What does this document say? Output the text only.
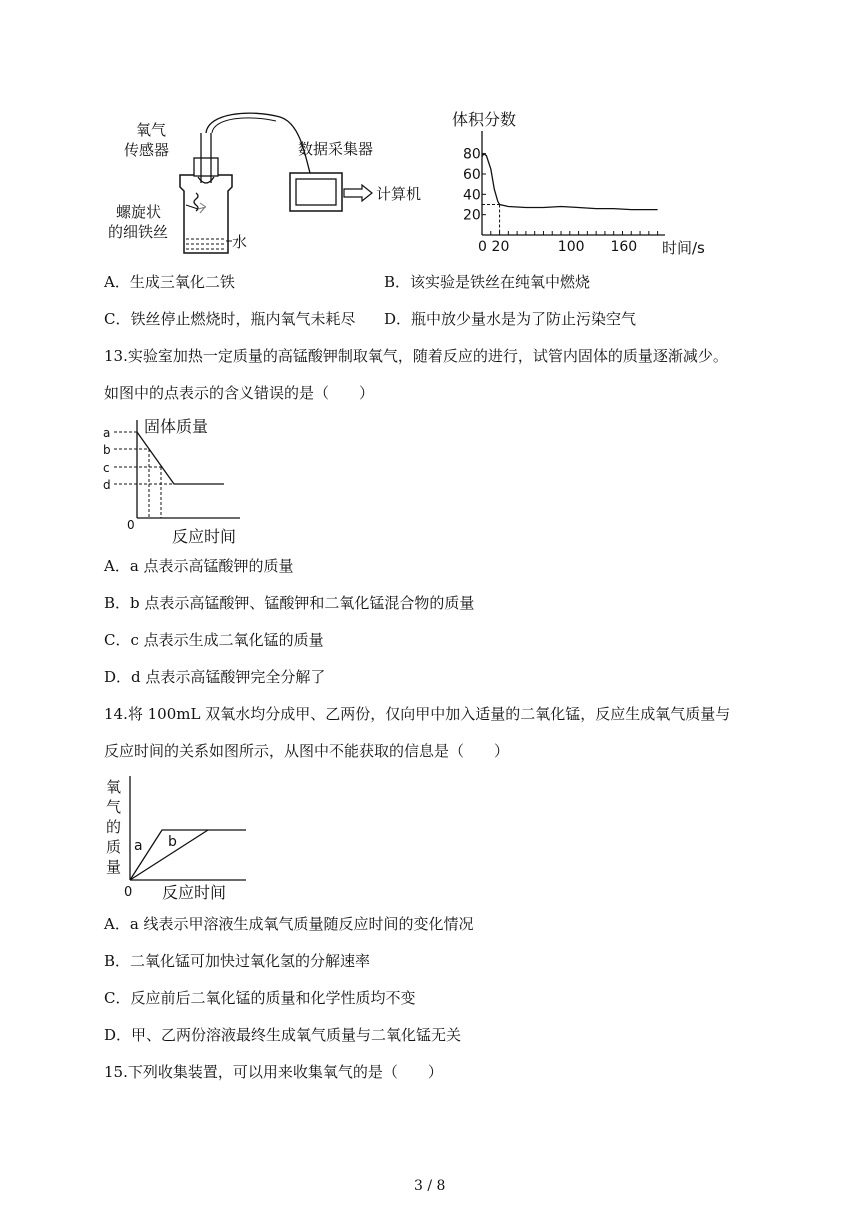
氧气
传感器
螺旋状
的细铁丝
水
数据采集器
计算机
体积分数
20
40
60
80
0 20	100 160 时间/s
A．生成三氧化二铁	B．该实验是铁丝在纯氧中燃烧
C．铁丝停止燃烧时，瓶内氧气未耗尽 D．瓶中放少量水是为了防止污染空气
13.实验室加热一定质量的高锰酸钾制取氧气，随着反应的进行，试管内固体的质量逐渐减少。
如图中的点表示的含义错误的是（　　）
固体质量
a
b
c
d
0
反应时间
A．a 点表示高锰酸钾的质量
B．b 点表示高锰酸钾、锰酸钾和二氧化锰混合物的质量
C．c 点表示生成二氧化锰的质量
D．d 点表示高锰酸钾完全分解了
14.将 100mL 双氧水均分成甲、乙两份，仅向甲中加入适量的二氧化锰，反应生成氧气质量与
反应时间的关系如图所示，从图中不能获取的信息是（　　）
氧
气
的
质
量
a b
0 反应时间
A．a 线表示甲溶液生成氧气质量随反应时间的变化情况
B．二氧化锰可加快过氧化氢的分解速率
C．反应前后二氧化锰的质量和化学性质均不变
D．甲、乙两份溶液最终生成氧气质量与二氧化锰无关
15.下列收集装置，可以用来收集氧气的是（　　）
3 / 8
